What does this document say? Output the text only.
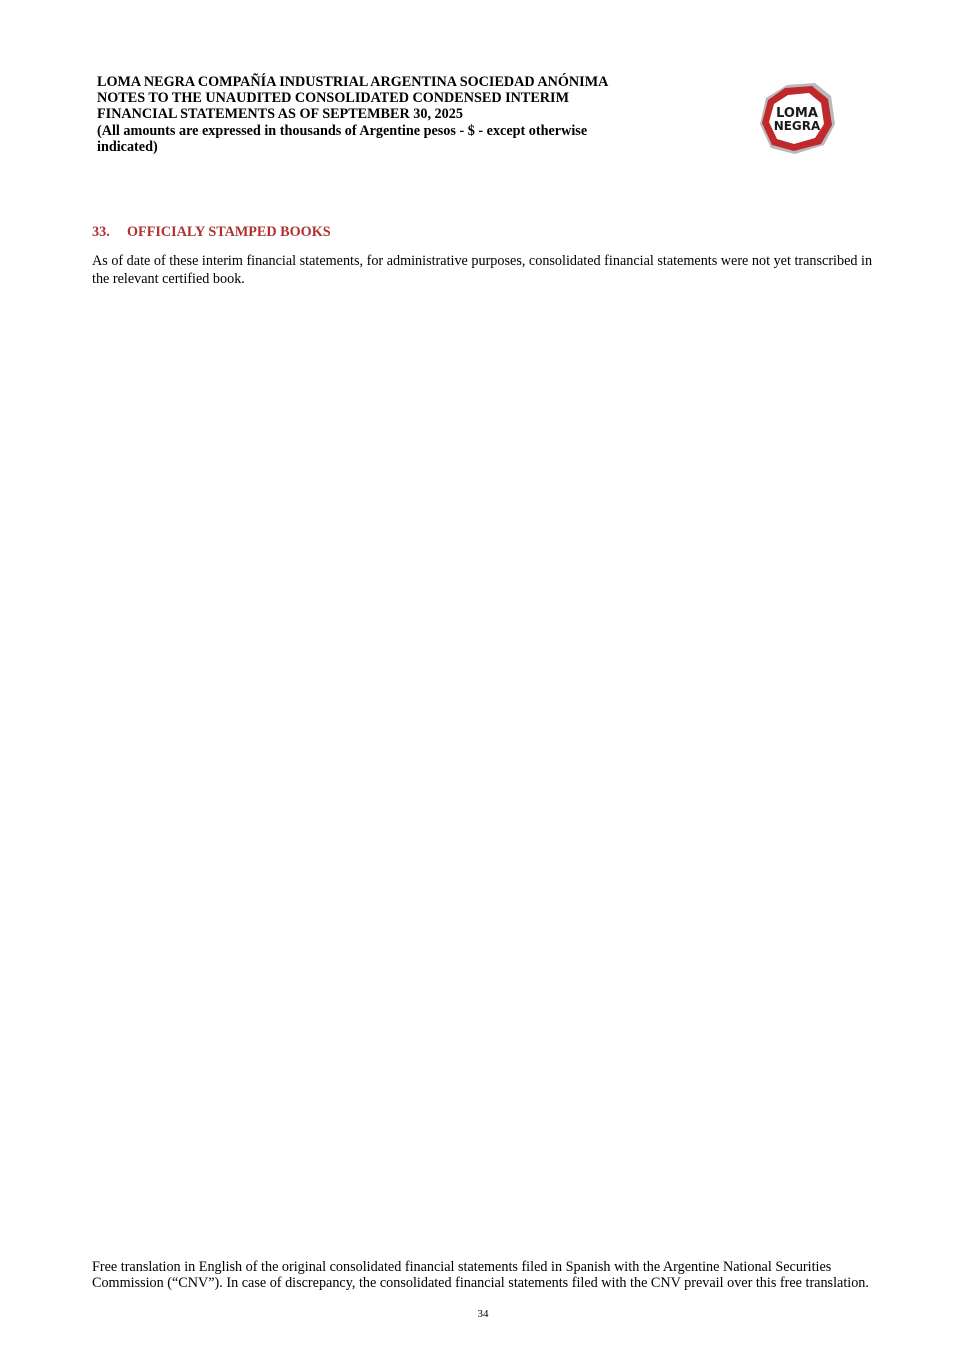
LOMA NEGRA COMPAÑÍA INDUSTRIAL ARGENTINA SOCIEDAD ANÓNIMA
NOTES TO THE UNAUDITED CONSOLIDATED CONDENSED INTERIM
FINANCIAL STATEMENTS AS OF SEPTEMBER 30, 2025
(All amounts are expressed in thousands of Argentine pesos - $ - except otherwise
indicated)
LOMA
NEGRA
33. OFFICIALY STAMPED BOOKS

As of date of these interim financial statements, for administrative purposes, consolidated financial statements were not yet transcribed in the relevant certified book.

Free translation in English of the original consolidated financial statements filed in Spanish with the Argentine National Securities Commission (“CNV”). In case of discrepancy, the consolidated financial statements filed with the CNV prevail over this free translation.

34
